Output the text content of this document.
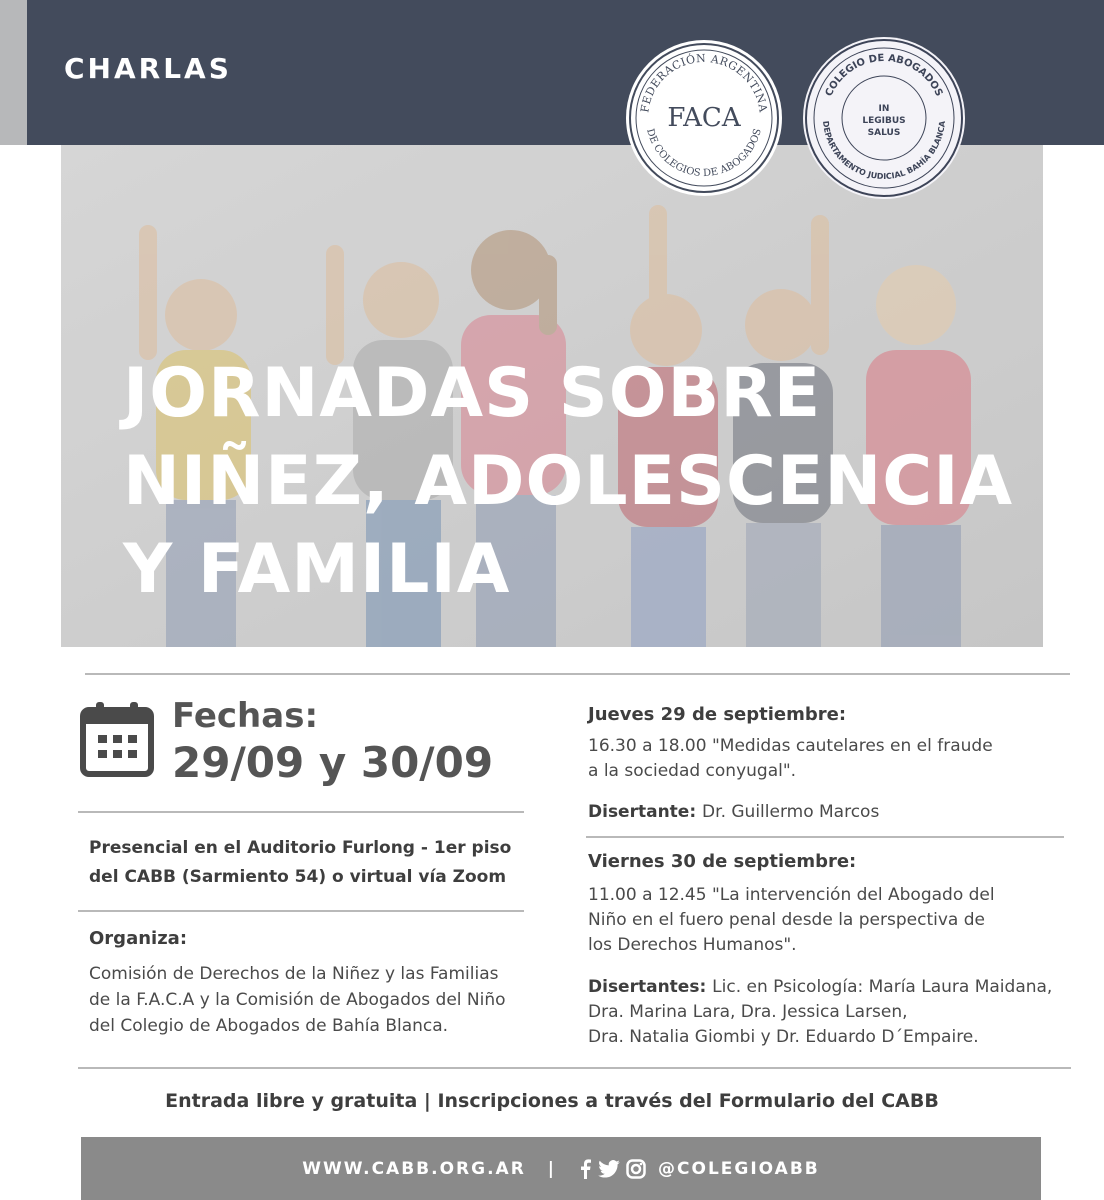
CHARLAS
JORNADAS SOBRE
NIÑEZ, ADOLESCENCIA
Y FAMILIA
FEDERACIÓN ARGENTINA
DE COLEGIOS DE ABOGADOS
FACA
COLEGIO DE ABOGADOS
DEPARTAMENTO JUDICIAL BAHÍA BLANCA
IN
LEGIBUS
SALUS
Fechas:
29/09 y 30/09
Presencial en el Auditorio Furlong - 1er piso
del CABB (Sarmiento 54) o virtual vía Zoom
Organiza:
Comisión de Derechos de la Niñez y las Familias
de la F.A.C.A y la Comisión de Abogados del Niño
del Colegio de Abogados de Bahía Blanca.
Jueves 29 de septiembre:
16.30 a 18.00 "Medidas cautelares en el fraude
a la sociedad conyugal".
Disertante: Dr. Guillermo Marcos
Viernes 30 de septiembre:
11.00 a 12.45 "La intervención del Abogado del
Niño en el fuero penal desde la perspectiva de
los Derechos Humanos".
Disertantes: Lic. en Psicología: María Laura Maidana,
Dra. Marina Lara, Dra. Jessica Larsen,
Dra. Natalia Giombi y Dr. Eduardo D´Empaire.
Entrada libre y gratuita | Inscripciones a través del Formulario del CABB
WWW.CABB.ORG.AR |	@COLEGIOABB
